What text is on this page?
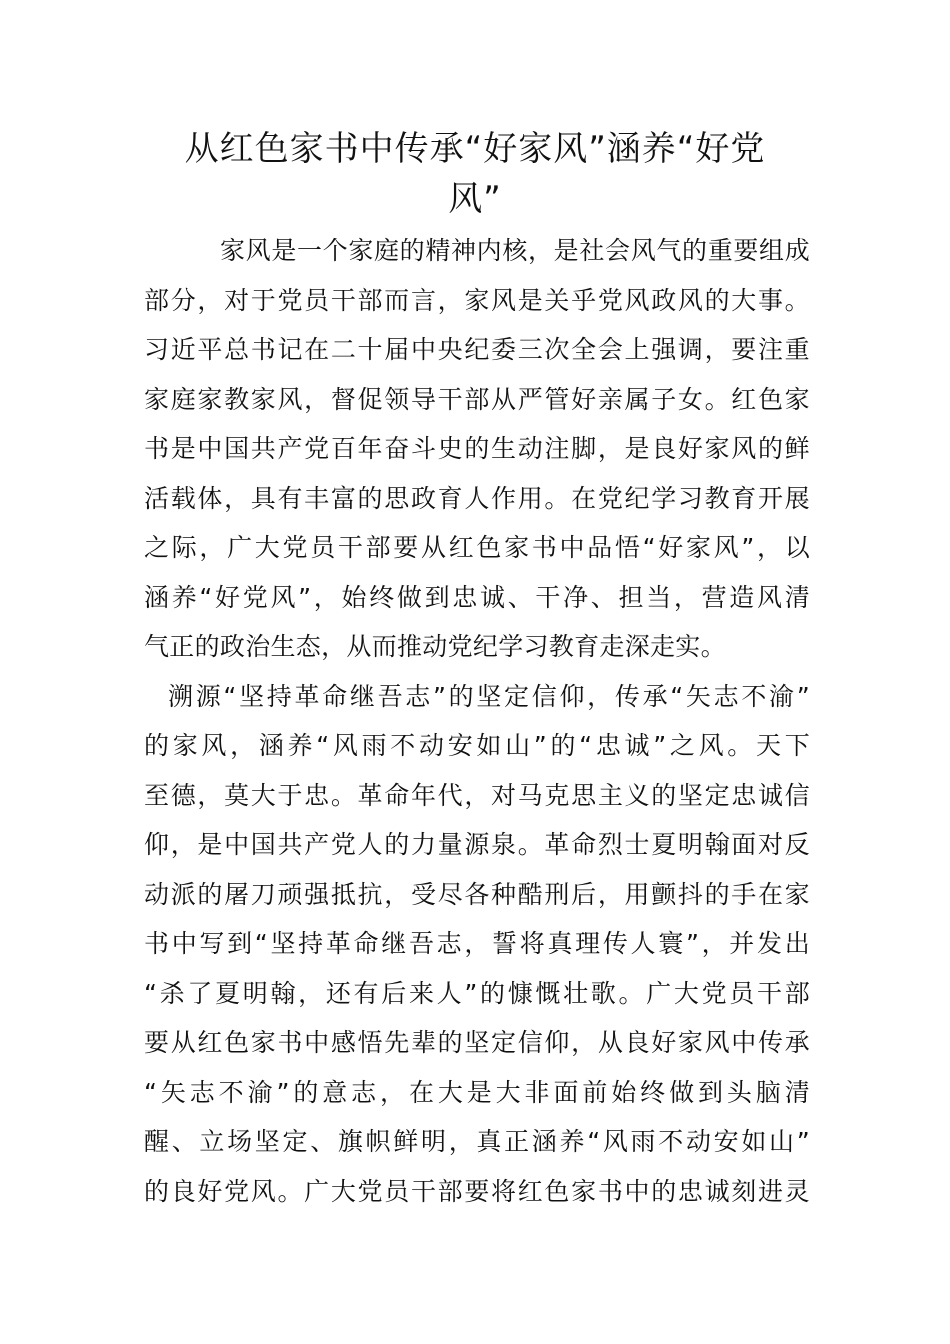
从红色家书中传承“好家风”涵养“好党
风”
家风是一个家庭的精神内核，是社会风气的重要组成
部分，对于党员干部而言，家风是关乎党风政风的大事。
习近平总书记在二十届中央纪委三次全会上强调，要注重
家庭家教家风，督促领导干部从严管好亲属子女。红色家
书是中国共产党百年奋斗史的生动注脚，是良好家风的鲜
活载体，具有丰富的思政育人作用。在党纪学习教育开展
之际，广大党员干部要从红色家书中品悟“好家风”，以
涵养“好党风”，始终做到忠诚、干净、担当，营造风清
气正的政治生态，从而推动党纪学习教育走深走实。
溯源“坚持革命继吾志”的坚定信仰，传承“矢志不渝”
的家风，涵养“风雨不动安如山”的“忠诚”之风。天下
至德，莫大于忠。革命年代，对马克思主义的坚定忠诚信
仰，是中国共产党人的力量源泉。革命烈士夏明翰面对反
动派的屠刀顽强抵抗，受尽各种酷刑后，用颤抖的手在家
书中写到“坚持革命继吾志，誓将真理传人寰”，并发出
“杀了夏明翰，还有后来人”的慷慨壮歌。广大党员干部
要从红色家书中感悟先辈的坚定信仰，从良好家风中传承
“矢志不渝”的意志，在大是大非面前始终做到头脑清
醒、立场坚定、旗帜鲜明，真正涵养“风雨不动安如山”
的良好党风。广大党员干部要将红色家书中的忠诚刻进灵
